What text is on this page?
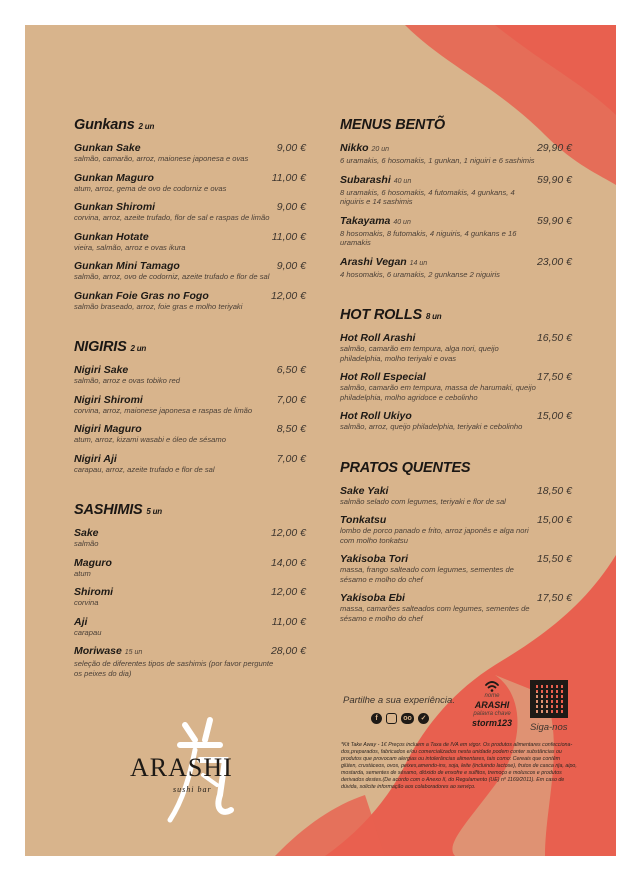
Gunkans 2 un
Gunkan Sake
salmão, camarão, arroz, maionese japonesa e ovas
9,00 €
Gunkan Maguro
atum, arroz, gema de ovo de codorniz e ovas
11,00 €
Gunkan Shiromi
corvina, arroz, azeite trufado, flor de sal e raspas de limão
9,00 €
Gunkan Hotate
vieira, salmão, arroz e ovas ikura
11,00 €
Gunkan Mini Tamago
salmão, arroz, ovo de codorniz, azeite trufado e flor de sal
9,00 €
Gunkan Foie Gras no Fogo
salmão braseado, arroz, foie gras e molho teriyaki
12,00 €
NIGIRIS 2 un
Nigiri Sake
salmão, arroz e ovas tobiko red
6,50 €
Nigiri Shiromi
corvina, arroz, maionese japonesa e raspas de limão
7,00 €
Nigiri Maguro
atum, arroz, kizami wasabi e óleo de sésamo
8,50 €
Nigiri Aji
carapau, arroz, azeite trufado e flor de sal
7,00 €
SASHIMIS 5 un
Sake
salmão
12,00 €
Maguro
atum
14,00 €
Shiromi
corvina
12,00 €
Aji
carapau
11,00 €
Moriwase 15 un
seleção de diferentes tipos de sashimis (por favor pergunte os peixes do dia)
28,00 €
MENUS BENTÕ
Nikko 20 un
6 uramakis, 6 hosomakis, 1 gunkan, 1 niguiri e 6 sashimis
29,90 €
Subarashi 40 un
8 uramakis, 6 hosomakis, 4 futomakis, 4 gunkans, 4 niguiris e 14 sashimis
59,90 €
Takayama 40 un
8 hosomakis, 8 futomakis, 4 niguiris, 4 gunkans e 16 uramakis
59,90 €
Arashi Vegan 14 un
4 hosomakis, 6 uramakis, 2 gunkanse 2 niguiris
23,00 €
HOT ROLLS 8 un
Hot Roll Arashi
salmão, camarão em tempura, alga nori, queijo philadelphia, molho teriyaki e ovas
16,50 €
Hot Roll Especial
salmão, camarão em tempura, massa de harumaki, queijo philadelphia, molho agridoce e cebolinho
17,50 €
Hot Roll Ukiyo
salmão, arroz, queijo philadelphia, teriyaki e cebolinho
15,00 €
PRATOS QUENTES
Sake Yaki
salmão selado com legumes, teriyaki e flor de sal
18,50 €
Tonkatsu
lombo de porco panado e frito, arroz japonês e alga nori com molho tonkatsu
15,00 €
Yakisoba Tori
massa, frango salteado com legumes, sementes de sésamo e molho do chef
15,50 €
Yakisoba Ebi
massa, camarões salteados com legumes, sementes de sésamo e molho do chef
17,50 €
Partilhe a sua experiência.
f	oo	✓
nome
ARASHI
palavra chave
storm123	Siga-nos
*Kit Take Away - 1€ Preços incluem a Taxa de IVA em vigor. Os produtos alimentares confecciona-dos,preparados, fabricados e/ou comercializados nesta unidade podem conter substâncias ou produtos que provocam alergias ou intolerâncias alimentares, tais como: Cereais que contêm glúten, crustáceos, ovos, peixes,amendo-ins, soja, leite (incluindo lactose), frutos de casca rija, aipo, mostarda, sementes de sésamo, dióxido de enxofre e sulfitos, tremoço e moluscos e produtos derivados destes.(De acordo com o Anexo II, do Regulamento (UE) nº 1169/2011). Em caso de dúvida, solicite informação aos colaboradores ao serviço.
ARASHI
sushi bar
